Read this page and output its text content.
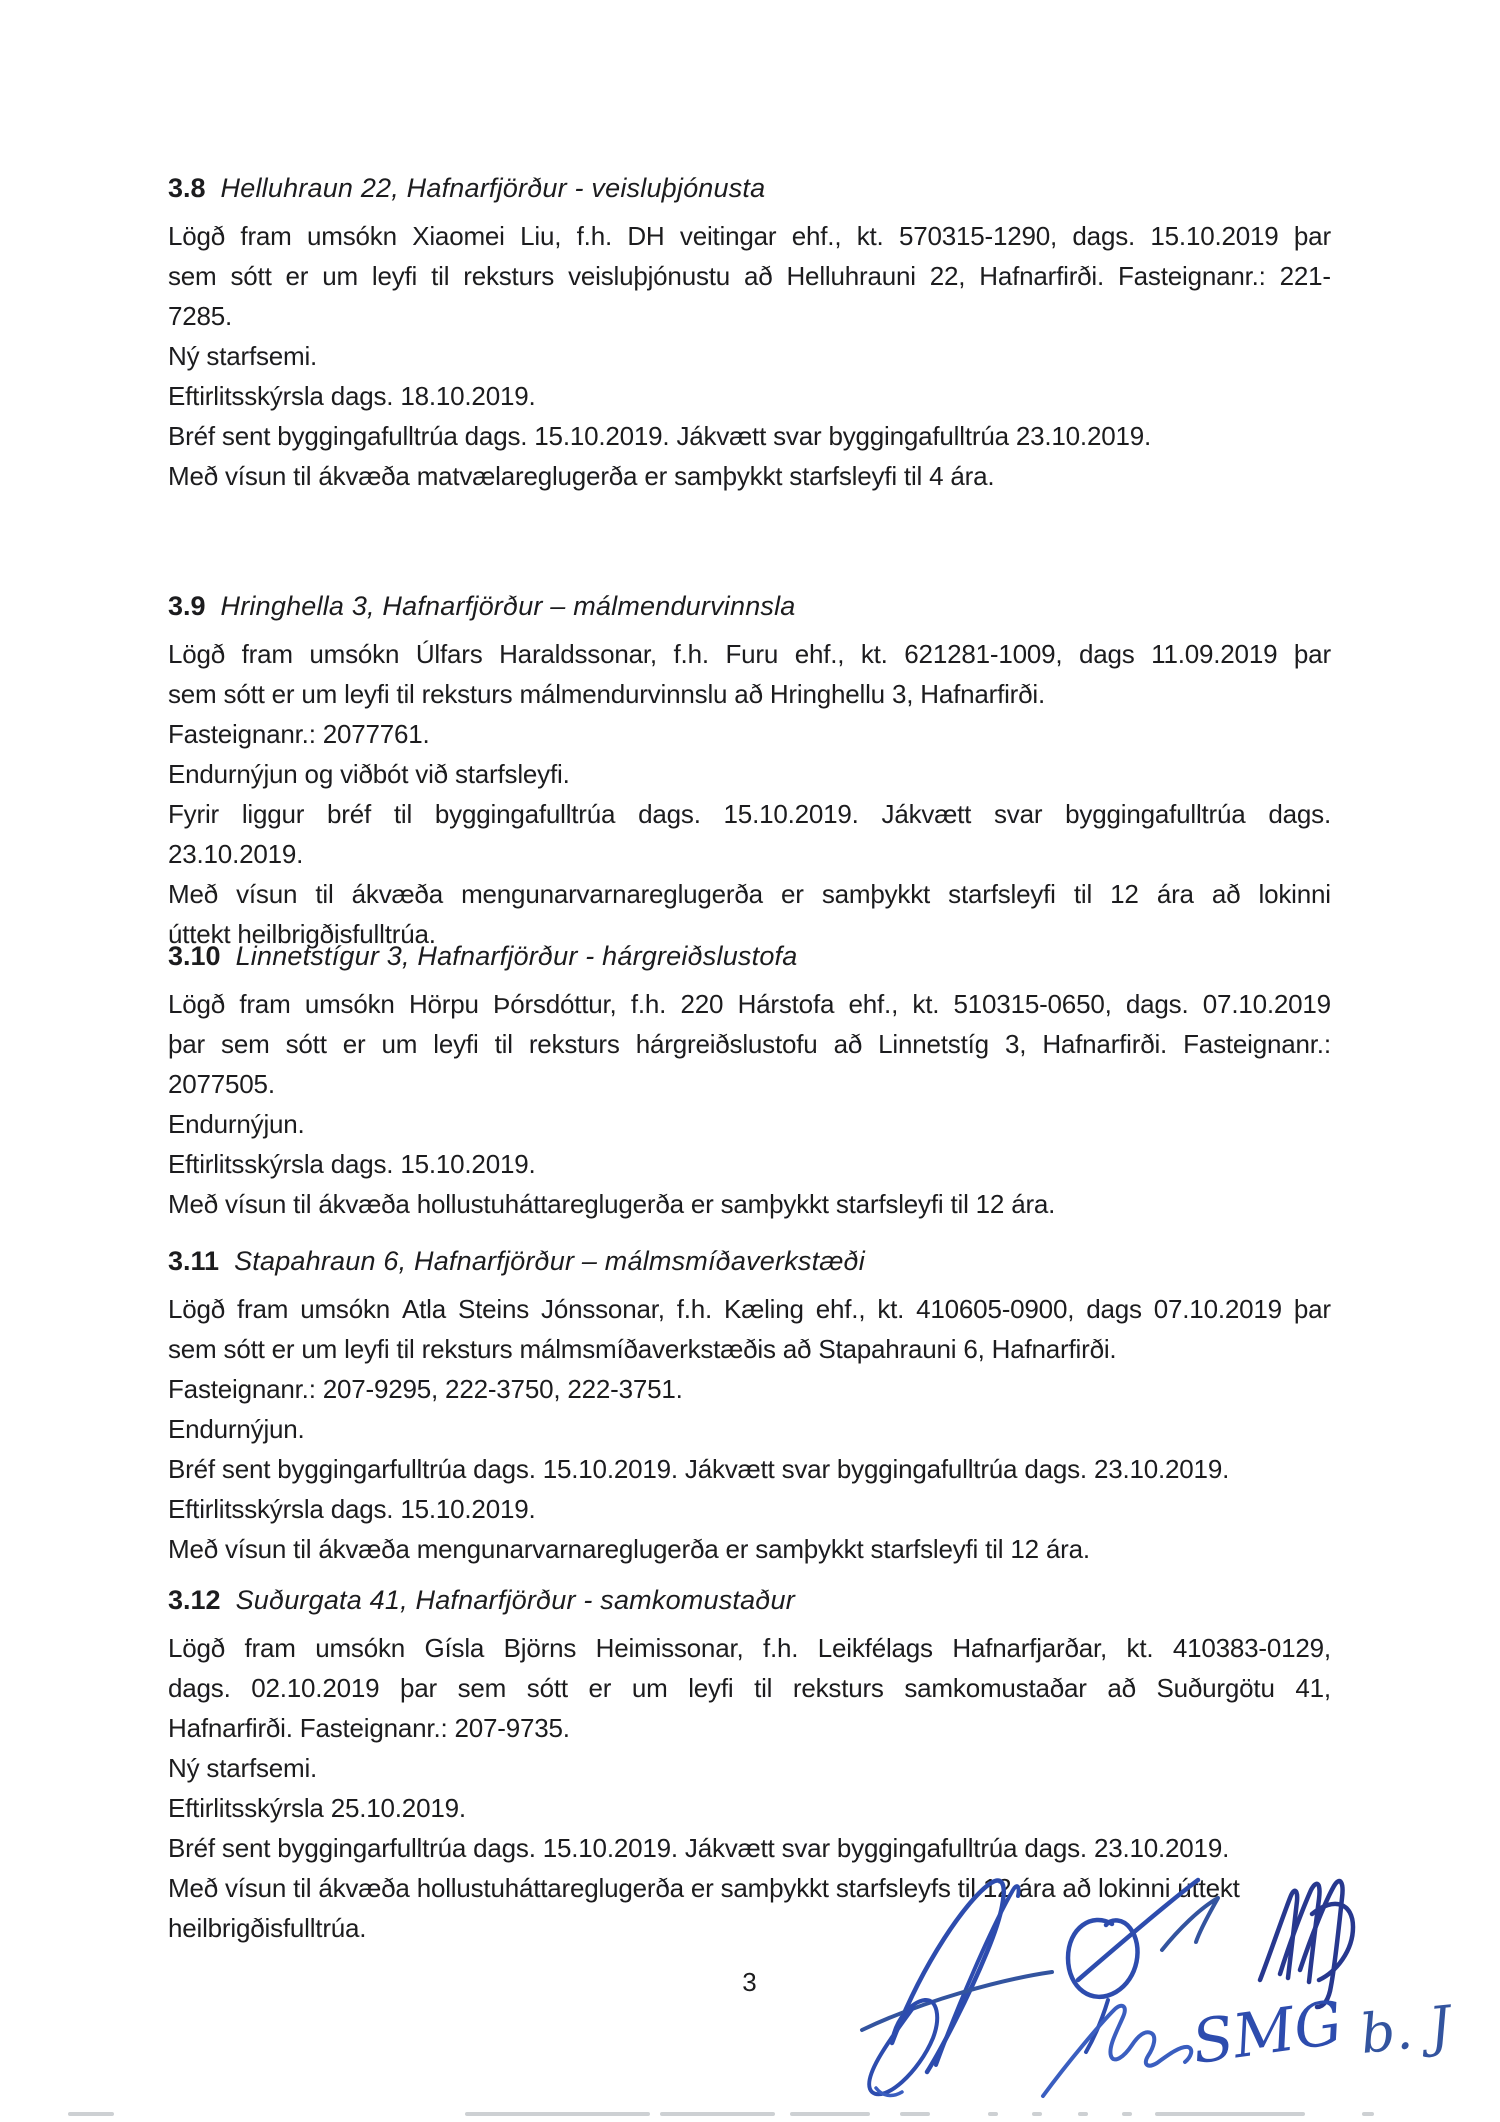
3.8 Helluhraun 22, Hafnarfjörður - veisluþjónusta
Lögð fram umsókn Xiaomei Liu, f.h. DH veitingar ehf., kt. 570315-1290, dags. 15.10.2019 þar
sem sótt er um leyfi til reksturs veisluþjónustu að Helluhrauni 22, Hafnarfirði. Fasteignanr.: 221-
7285.
Ný starfsemi.
Eftirlitsskýrsla dags. 18.10.2019.
Bréf sent byggingafulltrúa dags. 15.10.2019. Jákvætt svar byggingafulltrúa 23.10.2019.
Með vísun til ákvæða matvælareglugerða er samþykkt starfsleyfi til 4 ára.
3.9 Hringhella 3, Hafnarfjörður – málmendurvinnsla
Lögð fram umsókn Úlfars Haraldssonar, f.h. Furu ehf., kt. 621281-1009, dags 11.09.2019 þar
sem sótt er um leyfi til reksturs málmendurvinnslu að Hringhellu 3, Hafnarfirði.
Fasteignanr.: 2077761.
Endurnýjun og viðbót við starfsleyfi.
Fyrir liggur bréf til byggingafulltrúa dags. 15.10.2019. Jákvætt svar byggingafulltrúa dags.
23.10.2019.
Með vísun til ákvæða mengunarvarnareglugerða er samþykkt starfsleyfi til 12 ára að lokinni
úttekt heilbrigðisfulltrúa.
3.10 Linnetstígur 3, Hafnarfjörður - hárgreiðslustofa
Lögð fram umsókn Hörpu Þórsdóttur, f.h. 220 Hárstofa ehf., kt. 510315-0650, dags. 07.10.2019
þar sem sótt er um leyfi til reksturs hárgreiðslustofu að Linnetstíg 3, Hafnarfirði. Fasteignanr.:
2077505.
Endurnýjun.
Eftirlitsskýrsla dags. 15.10.2019.
Með vísun til ákvæða hollustuháttareglugerða er samþykkt starfsleyfi til 12 ára.
3.11 Stapahraun 6, Hafnarfjörður – málmsmíðaverkstæði
Lögð fram umsókn Atla Steins Jónssonar, f.h. Kæling ehf., kt. 410605-0900, dags 07.10.2019 þar
sem sótt er um leyfi til reksturs málmsmíðaverkstæðis að Stapahrauni 6, Hafnarfirði.
Fasteignanr.: 207-9295, 222-3750, 222-3751.
Endurnýjun.
Bréf sent byggingarfulltrúa dags. 15.10.2019. Jákvætt svar byggingafulltrúa dags. 23.10.2019.
Eftirlitsskýrsla dags. 15.10.2019.
Með vísun til ákvæða mengunarvarnareglugerða er samþykkt starfsleyfi til 12 ára.
3.12 Suðurgata 41, Hafnarfjörður - samkomustaður
Lögð fram umsókn Gísla Björns Heimissonar, f.h. Leikfélags Hafnarfjarðar, kt. 410383-0129,
dags. 02.10.2019 þar sem sótt er um leyfi til reksturs samkomustaðar að Suðurgötu 41,
Hafnarfirði. Fasteignanr.: 207-9735.
Ný starfsemi.
Eftirlitsskýrsla 25.10.2019.
Bréf sent byggingarfulltrúa dags. 15.10.2019. Jákvætt svar byggingafulltrúa dags. 23.10.2019.
Með vísun til ákvæða hollustuháttareglugerða er samþykkt starfsleyfs til 12 ára að lokinni úttekt
heilbrigðisfulltrúa.
3
SMG b. J
